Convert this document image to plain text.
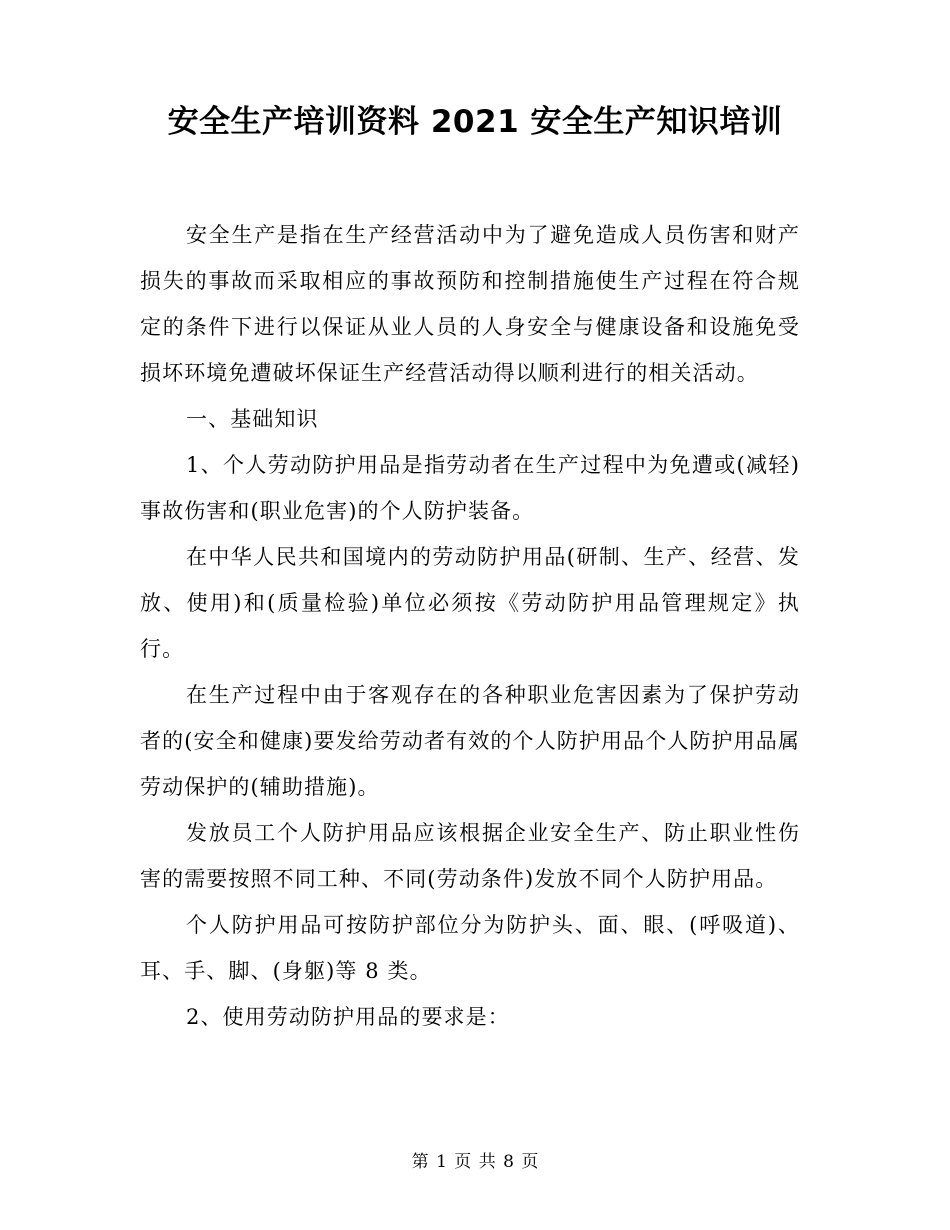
安全生产培训资料 2021 安全生产知识培训

安全生产是指在生产经营活动中为了避免造成人员伤害和财产损失的事故而采取相应的事故预防和控制措施使生产过程在符合规定的条件下进行以保证从业人员的人身安全与健康设备和设施免受损坏环境免遭破坏保证生产经营活动得以顺利进行的相关活动。

一、基础知识

1、个人劳动防护用品是指劳动者在生产过程中为免遭或(减轻)事故伤害和(职业危害)的个人防护装备。

在中华人民共和国境内的劳动防护用品(研制、生产、经营、发放、使用)和(质量检验)单位必须按《劳动防护用品管理规定》执行。

在生产过程中由于客观存在的各种职业危害因素为了保护劳动者的(安全和健康)要发给劳动者有效的个人防护用品个人防护用品属劳动保护的(辅助措施)。

发放员工个人防护用品应该根据企业安全生产、防止职业性伤害的需要按照不同工种、不同(劳动条件)发放不同个人防护用品。

个人防护用品可按防护部位分为防护头、面、眼、(呼吸道)、耳、手、脚、(身躯)等 8 类。

2、使用劳动防护用品的要求是：

第 1 页 共 8 页
